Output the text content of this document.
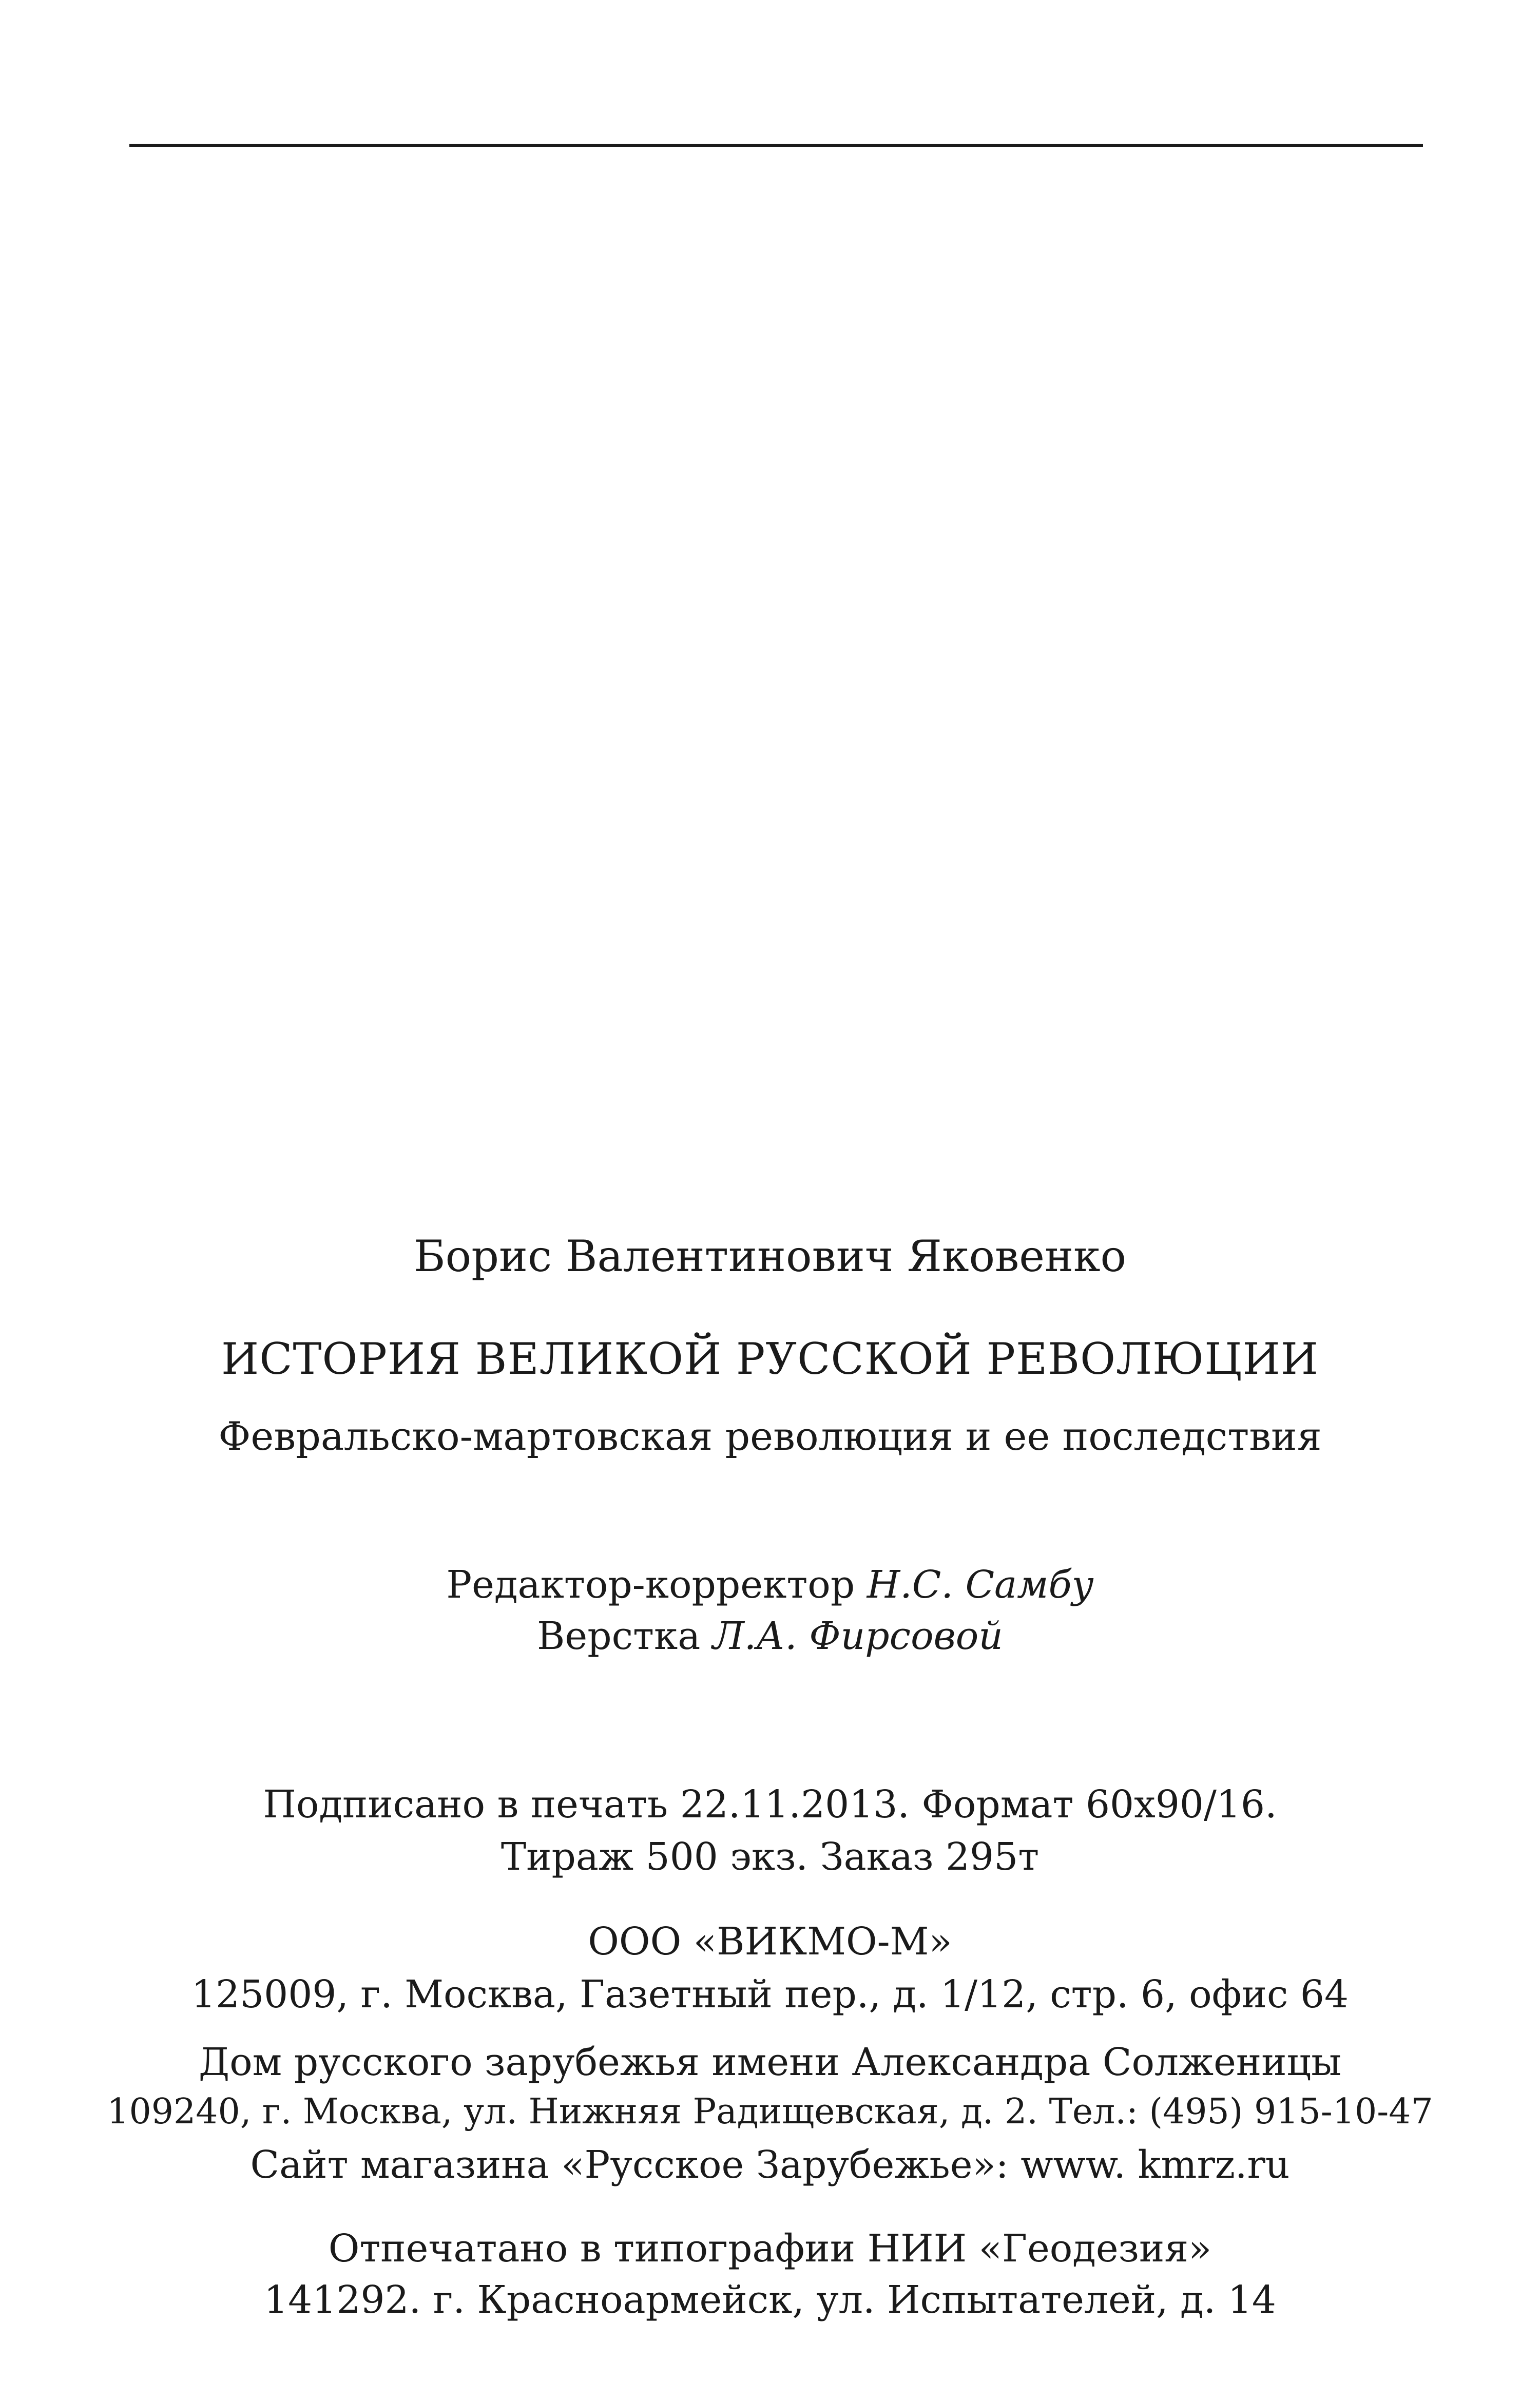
Борис Валентинович Яковенко
ИСТОРИЯ ВЕЛИКОЙ РУССКОЙ РЕВОЛЮЦИИ
Февральско-мартовская революция и ее последствия
Редактор-корректор Н.С. Самбу
Верстка Л.А. Фирсовой
Подписано в печать 22.11.2013. Формат 60x90/16.
Тираж 500 экз. Заказ 295т
ООО «ВИКМО-М»
125009, г. Москва, Газетный пер., д. 1/12, стр. 6, офис 64
Дом русского зарубежья имени Александра Солженицы
109240, г. Москва, ул. Нижняя Радищевская, д. 2. Тел.: (495) 915-10-47
Сайт магазина «Русское Зарубежье»: www. kmrz.ru
Отпечатано в типографии НИИ «Геодезия»
141292. г. Красноармейск, ул. Испытателей, д. 14
